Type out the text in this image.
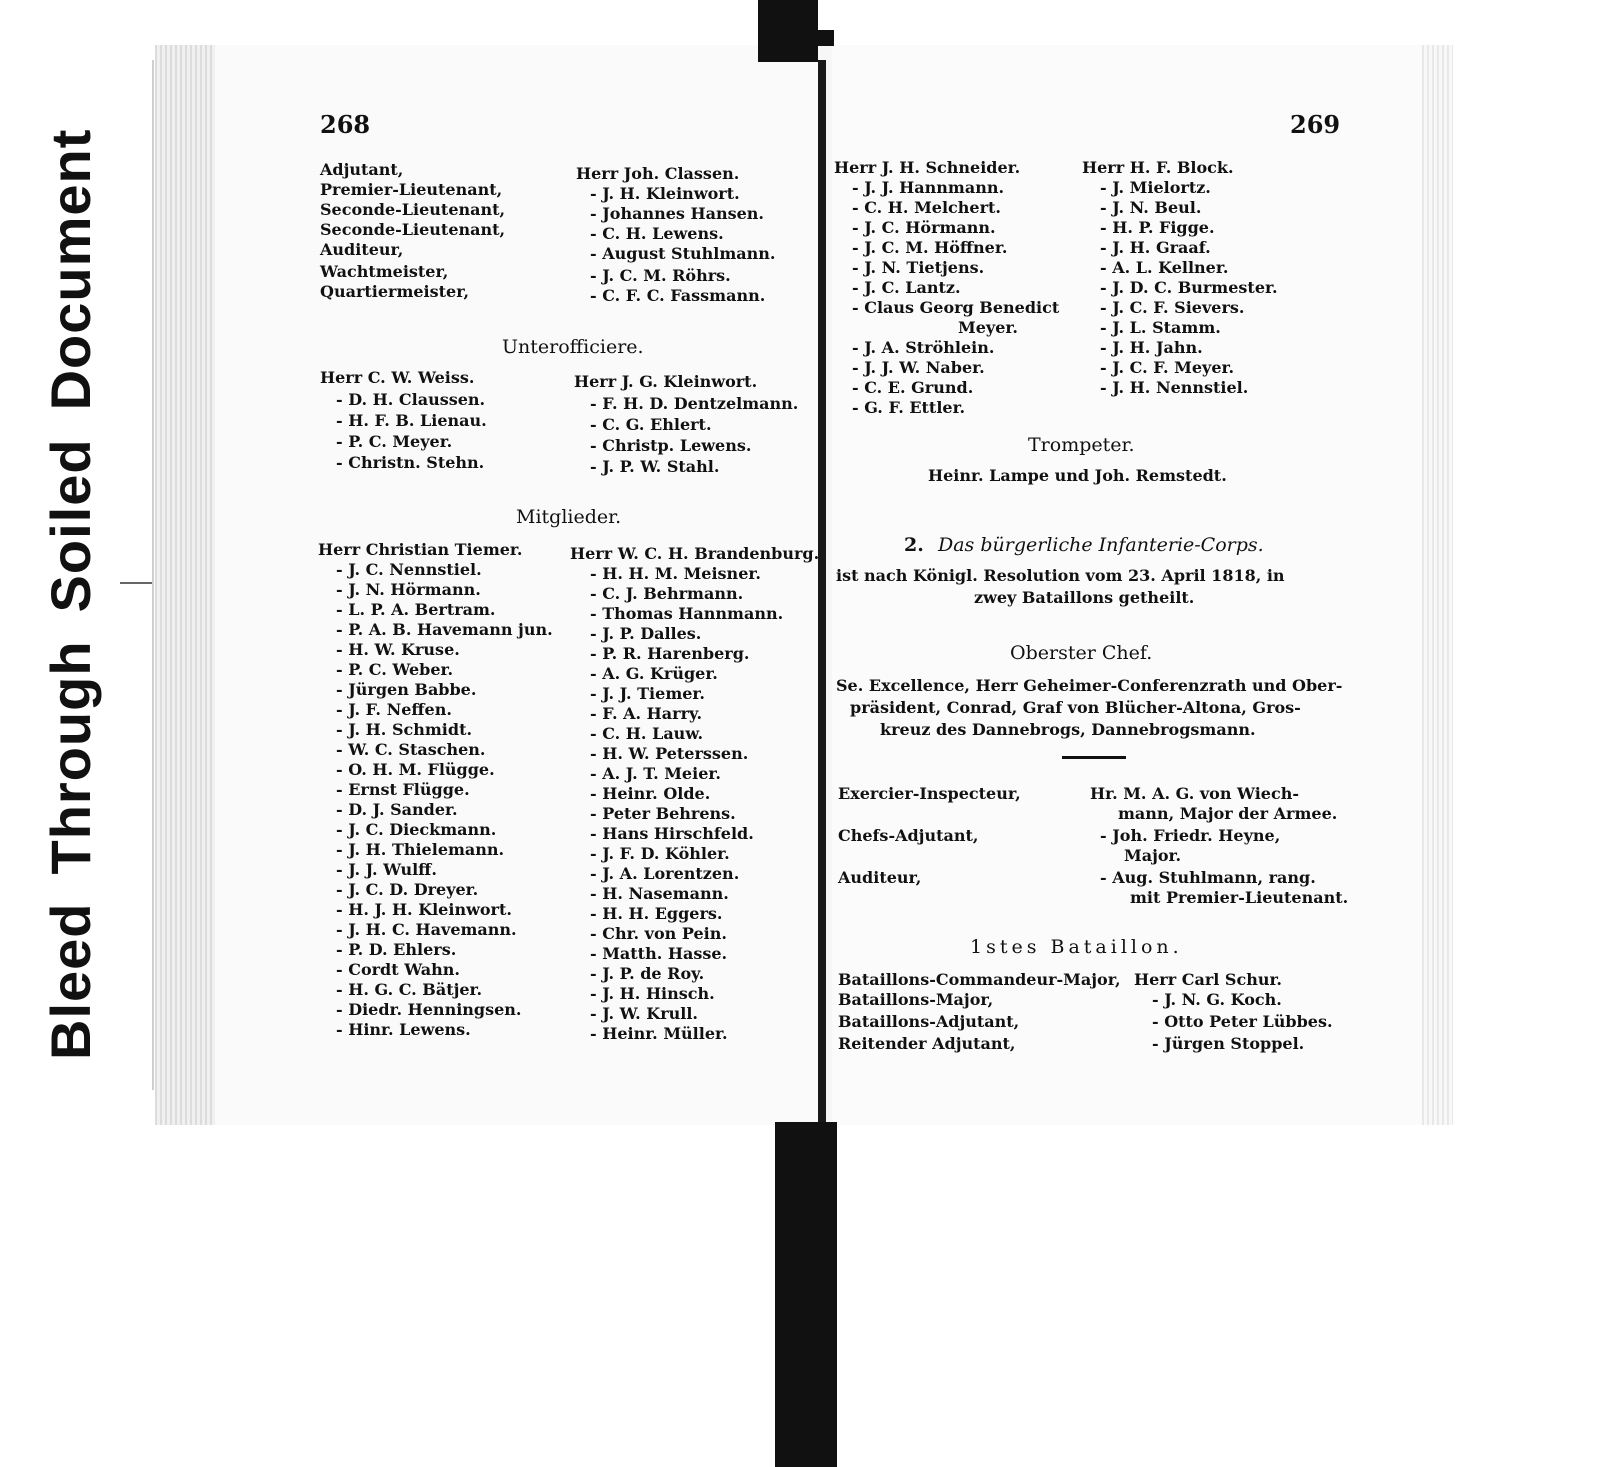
Bleed
Through
Soiled
Document
268
Adjutant,	Herr Joh. Classen.
Premier-Lieutenant,	- J. H. Kleinwort.
Seconde-Lieutenant,	- Johannes Hansen.
Seconde-Lieutenant,	- C. H. Lewens.
Auditeur,	- August Stuhlmann.
Wachtmeister,	- J. C. M. Röhrs.
Quartiermeister,	- C. F. C. Fassmann.
Unterofficiere.
Herr C. W. Weiss.
- D. H. Claussen.
- H. F. B. Lienau.
- P. C. Meyer.
- Christn. Stehn.
Herr J. G. Kleinwort.
- F. H. D. Dentzelmann.
- C. G. Ehlert.
- Christp. Lewens.
- J. P. W. Stahl.
Mitglieder.
Herr Christian Tiemer.
- J. C. Nennstiel.
- J. N. Hörmann.
- L. P. A. Bertram.
- P. A. B. Havemann jun.
- H. W. Kruse.
- P. C. Weber.
- Jürgen Babbe.
- J. F. Neffen.
- J. H. Schmidt.
- W. C. Staschen.
- O. H. M. Flügge.
- Ernst Flügge.
- D. J. Sander.
- J. C. Dieckmann.
- J. H. Thielemann.
- J. J. Wulff.
- J. C. D. Dreyer.
- H. J. H. Kleinwort.
- J. H. C. Havemann.
- P. D. Ehlers.
- Cordt Wahn.
- H. G. C. Bätjer.
- Diedr. Henningsen.
- Hinr. Lewens.
Herr W. C. H. Brandenburg.
- H. H. M. Meisner.
- C. J. Behrmann.
- Thomas Hannmann.
- J. P. Dalles.
- P. R. Harenberg.
- A. G. Krüger.
- J. J. Tiemer.
- F. A. Harry.
- C. H. Lauw.
- H. W. Peterssen.
- A. J. T. Meier.
- Heinr. Olde.
- Peter Behrens.
- Hans Hirschfeld.
- J. F. D. Köhler.
- J. A. Lorentzen.
- H. Nasemann.
- H. H. Eggers.
- Chr. von Pein.
- Matth. Hasse.
- J. P. de Roy.
- J. H. Hinsch.
- J. W. Krull.
- Heinr. Müller.
269
Herr J. H. Schneider.
- J. J. Hannmann.
- C. H. Melchert.
- J. C. Hörmann.
- J. C. M. Höffner.
- J. N. Tietjens.
- J. C. Lantz.
- Claus Georg Benedict
Meyer.
- J. A. Ströhlein.
- J. J. W. Naber.
- C. E. Grund.
- G. F. Ettler.
Herr H. F. Block.
- J. Mielortz.
- J. N. Beul.
- H. P. Figge.
- J. H. Graaf.
- A. L. Kellner.
- J. D. C. Burmester.
- J. C. F. Sievers.
- J. L. Stamm.
- J. H. Jahn.
- J. C. F. Meyer.
- J. H. Nennstiel.
Trompeter.
Heinr. Lampe und Joh. Remstedt.
2. Das bürgerliche Infanterie-Corps.
ist nach Königl. Resolution vom 23. April 1818, in
zwey Bataillons getheilt.
Oberster Chef.
Se. Excellence, Herr Geheimer-Conferenzrath und Ober-
präsident, Conrad, Graf von Blücher-Altona, Gros-
kreuz des Dannebrogs, Dannebrogsmann.
Exercier-Inspecteur,	Hr. M. A. G. von Wiech-
mann, Major der Armee.
Chefs-Adjutant,	- Joh. Friedr. Heyne,
Major.
Auditeur,	- Aug. Stuhlmann, rang.
mit Premier-Lieutenant.
1stes Bataillon.
Bataillons-Commandeur-Major, Herr Carl Schur.
Bataillons-Major,	- J. N. G. Koch.
Bataillons-Adjutant,	- Otto Peter Lübbes.
Reitender Adjutant,	- Jürgen Stoppel.
